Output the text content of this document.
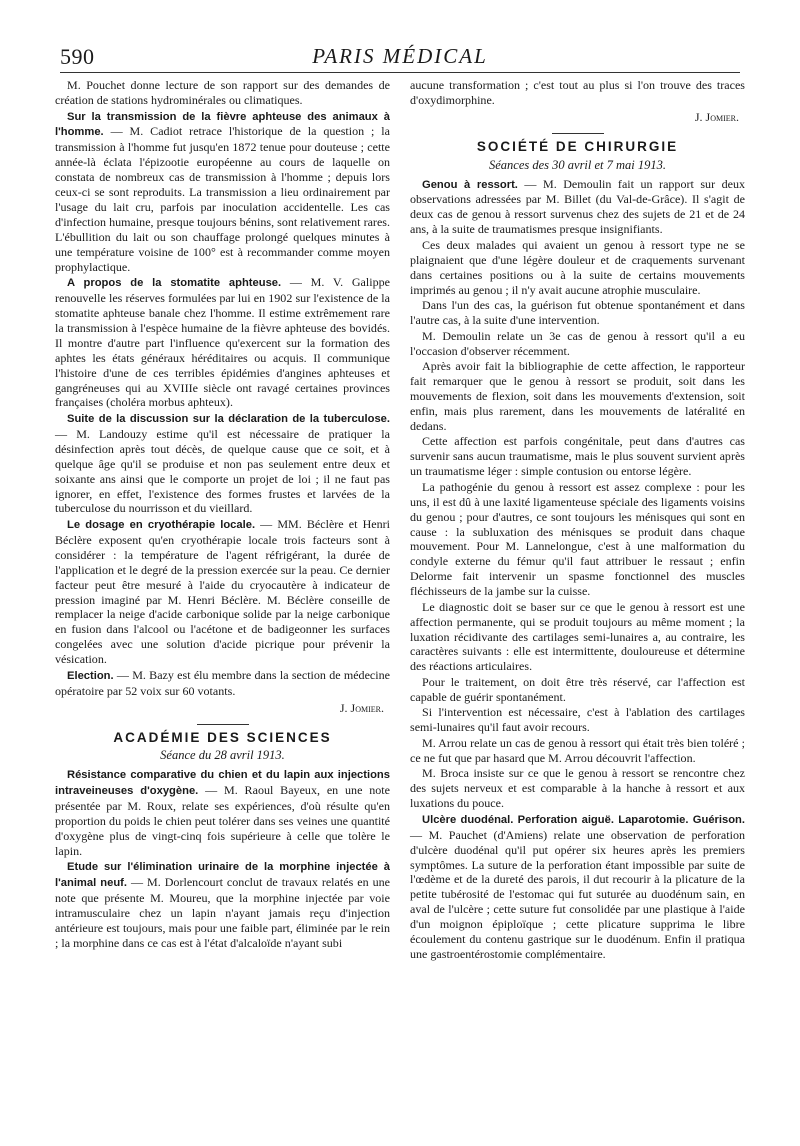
590	PARIS MÉDICAL

M. Pouchet donne lecture de son rapport sur des demandes de création de stations hydrominérales ou climatiques.

Sur la transmission de la fièvre aphteuse des animaux à l'homme. — M. Cadiot retrace l'historique de la question ; la transmission à l'homme fut jusqu'en 1872 tenue pour douteuse ; cette année-là éclata l'épizootie européenne au cours de laquelle on constata de nombreux cas de transmission à l'homme ; depuis lors ceux-ci se sont reproduits. La transmission a lieu ordinairement par l'usage du lait cru, parfois par inoculation accidentelle. Les cas d'infection humaine, presque toujours bénins, sont relativement rares. L'ébullition du lait ou son chauffage prolongé quelques minutes à une température voisine de 100° est à recommander comme moyen prophylactique.

A propos de la stomatite aphteuse. — M. V. Galippe renouvelle les réserves formulées par lui en 1902 sur l'existence de la stomatite aphteuse banale chez l'homme. Il estime extrêmement rare la transmission à l'espèce humaine de la fièvre aphteuse des bovidés. Il montre d'autre part l'influence qu'exercent sur la formation des aphtes les états généraux héréditaires ou acquis. Il communique l'histoire d'une de ces terribles épidémies d'angines aphteuses et gangréneuses qui au XVIIIe siècle ont ravagé certaines provinces françaises (choléra morbus aphteux).

Suite de la discussion sur la déclaration de la tuberculose. — M. Landouzy estime qu'il est nécessaire de pratiquer la désinfection après tout décès, de quelque cause que ce soit, et à quelque âge qu'il se produise et non pas seulement entre deux et soixante ans ainsi que le comporte un projet de loi ; il ne faut pas ignorer, en effet, l'existence des formes frustes et larvées de la tuberculose du nourrisson et du vieillard.

Le dosage en cryothérapie locale. — MM. Béclère et Henri Béclère exposent qu'en cryothérapie locale trois facteurs sont à considérer : la température de l'agent réfrigérant, la durée de l'application et le degré de la pression exercée sur la peau. Ce dernier facteur peut être mesuré à l'aide du cryocautère à indicateur de pression imaginé par M. Henri Béclère. M. Béclère conseille de remplacer la neige d'acide carbonique solide par la neige carbonique en fusion dans l'alcool ou l'acétone et de badigeonner les surfaces congelées avec une solution d'acide picrique pour prévenir la vésication.

Election. — M. Bazy est élu membre dans la section de médecine opératoire par 52 voix sur 60 votants.

J. Jomier.
ACADÉMIE DES SCIENCES
Séance du 28 avril 1913.

Résistance comparative du chien et du lapin aux injections intraveineuses d'oxygène. — M. Raoul Bayeux, en une note présentée par M. Roux, relate ses expériences, d'où résulte qu'en proportion du poids le chien peut tolérer dans ses veines une quantité d'oxygène plus de vingt-cinq fois supérieure à celle que tolère le lapin.

Etude sur l'élimination urinaire de la morphine injectée à l'animal neuf. — M. Dorlencourt conclut de travaux relatés en une note que présente M. Moureu, que la morphine injectée par voie intramusculaire chez un lapin n'ayant jamais reçu d'injection antérieure est toujours, mais pour une faible part, éliminée par le rein ; la morphine dans ce cas est à l'état d'alcaloïde n'ayant subi

aucune transformation ; c'est tout au plus si l'on trouve des traces d'oxydimorphine.

J. Jomier.
SOCIÉTÉ DE CHIRURGIE
Séances des 30 avril et 7 mai 1913.

Genou à ressort. — M. Demoulin fait un rapport sur deux observations adressées par M. Billet (du Val-de-Grâce). Il s'agit de deux cas de genou à ressort survenus chez des sujets de 21 et de 24 ans, à la suite de traumatismes presque insignifiants.

Ces deux malades qui avaient un genou à ressort type ne se plaignaient que d'une légère douleur et de craquements survenant dans certaines positions ou à la suite de certains mouvements imprimés au genou ; il n'y avait aucune atrophie musculaire.

Dans l'un des cas, la guérison fut obtenue spontanément et dans l'autre cas, à la suite d'une intervention.

M. Demoulin relate un 3e cas de genou à ressort qu'il a eu l'occasion d'observer récemment.

Après avoir fait la bibliographie de cette affection, le rapporteur fait remarquer que le genou à ressort se produit, soit dans les mouvements de flexion, soit dans les mouvements d'extension, soit enfin, mais plus rarement, dans les mouvements de latéralité en dedans.

Cette affection est parfois congénitale, peut dans d'autres cas survenir sans aucun traumatisme, mais le plus souvent survient après un traumatisme léger : simple contusion ou entorse légère.

La pathogénie du genou à ressort est assez complexe : pour les uns, il est dû à une laxité ligamenteuse spéciale des ligaments voisins du genou ; pour d'autres, ce sont toujours les ménisques qui sont en cause : la subluxation des ménisques se produit dans chaque mouvement. Pour M. Lannelongue, c'est à une malformation du condyle externe du fémur qu'il faut attribuer le ressaut ; enfin Delorme fait intervenir un spasme fonctionnel des muscles fléchisseurs de la jambe sur la cuisse.

Le diagnostic doit se baser sur ce que le genou à ressort est une affection permanente, qui se produit toujours au même moment ; la luxation récidivante des cartilages semi-lunaires a, au contraire, les caractères suivants : elle est intermittente, douloureuse et détermine des réactions articulaires.

Pour le traitement, on doit être très réservé, car l'affection est capable de guérir spontanément.

Si l'intervention est nécessaire, c'est à l'ablation des cartilages semi-lunaires qu'il faut avoir recours.

M. Arrou relate un cas de genou à ressort qui était très bien toléré ; ce ne fut que par hasard que M. Arrou découvrit l'affection.

M. Broca insiste sur ce que le genou à ressort se rencontre chez des sujets nerveux et est comparable à la hanche à ressort et aux luxations du pouce.

Ulcère duodénal. Perforation aiguë. Laparotomie. Guérison. — M. Pauchet (d'Amiens) relate une observation de perforation d'ulcère duodénal qu'il put opérer six heures après les premiers symptômes. La suture de la perforation étant impossible par suite de l'œdème et de la dureté des parois, il dut recourir à la plicature de la petite tubérosité de l'estomac qui fut suturée au duodénum sain, en aval de l'ulcère ; cette suture fut consolidée par une plastique à l'aide d'un moignon épiploïque ; cette plicature supprima le libre écoulement du contenu gastrique sur le duodénum. Enfin il pratiqua une gastroentérostomie complémentaire.
